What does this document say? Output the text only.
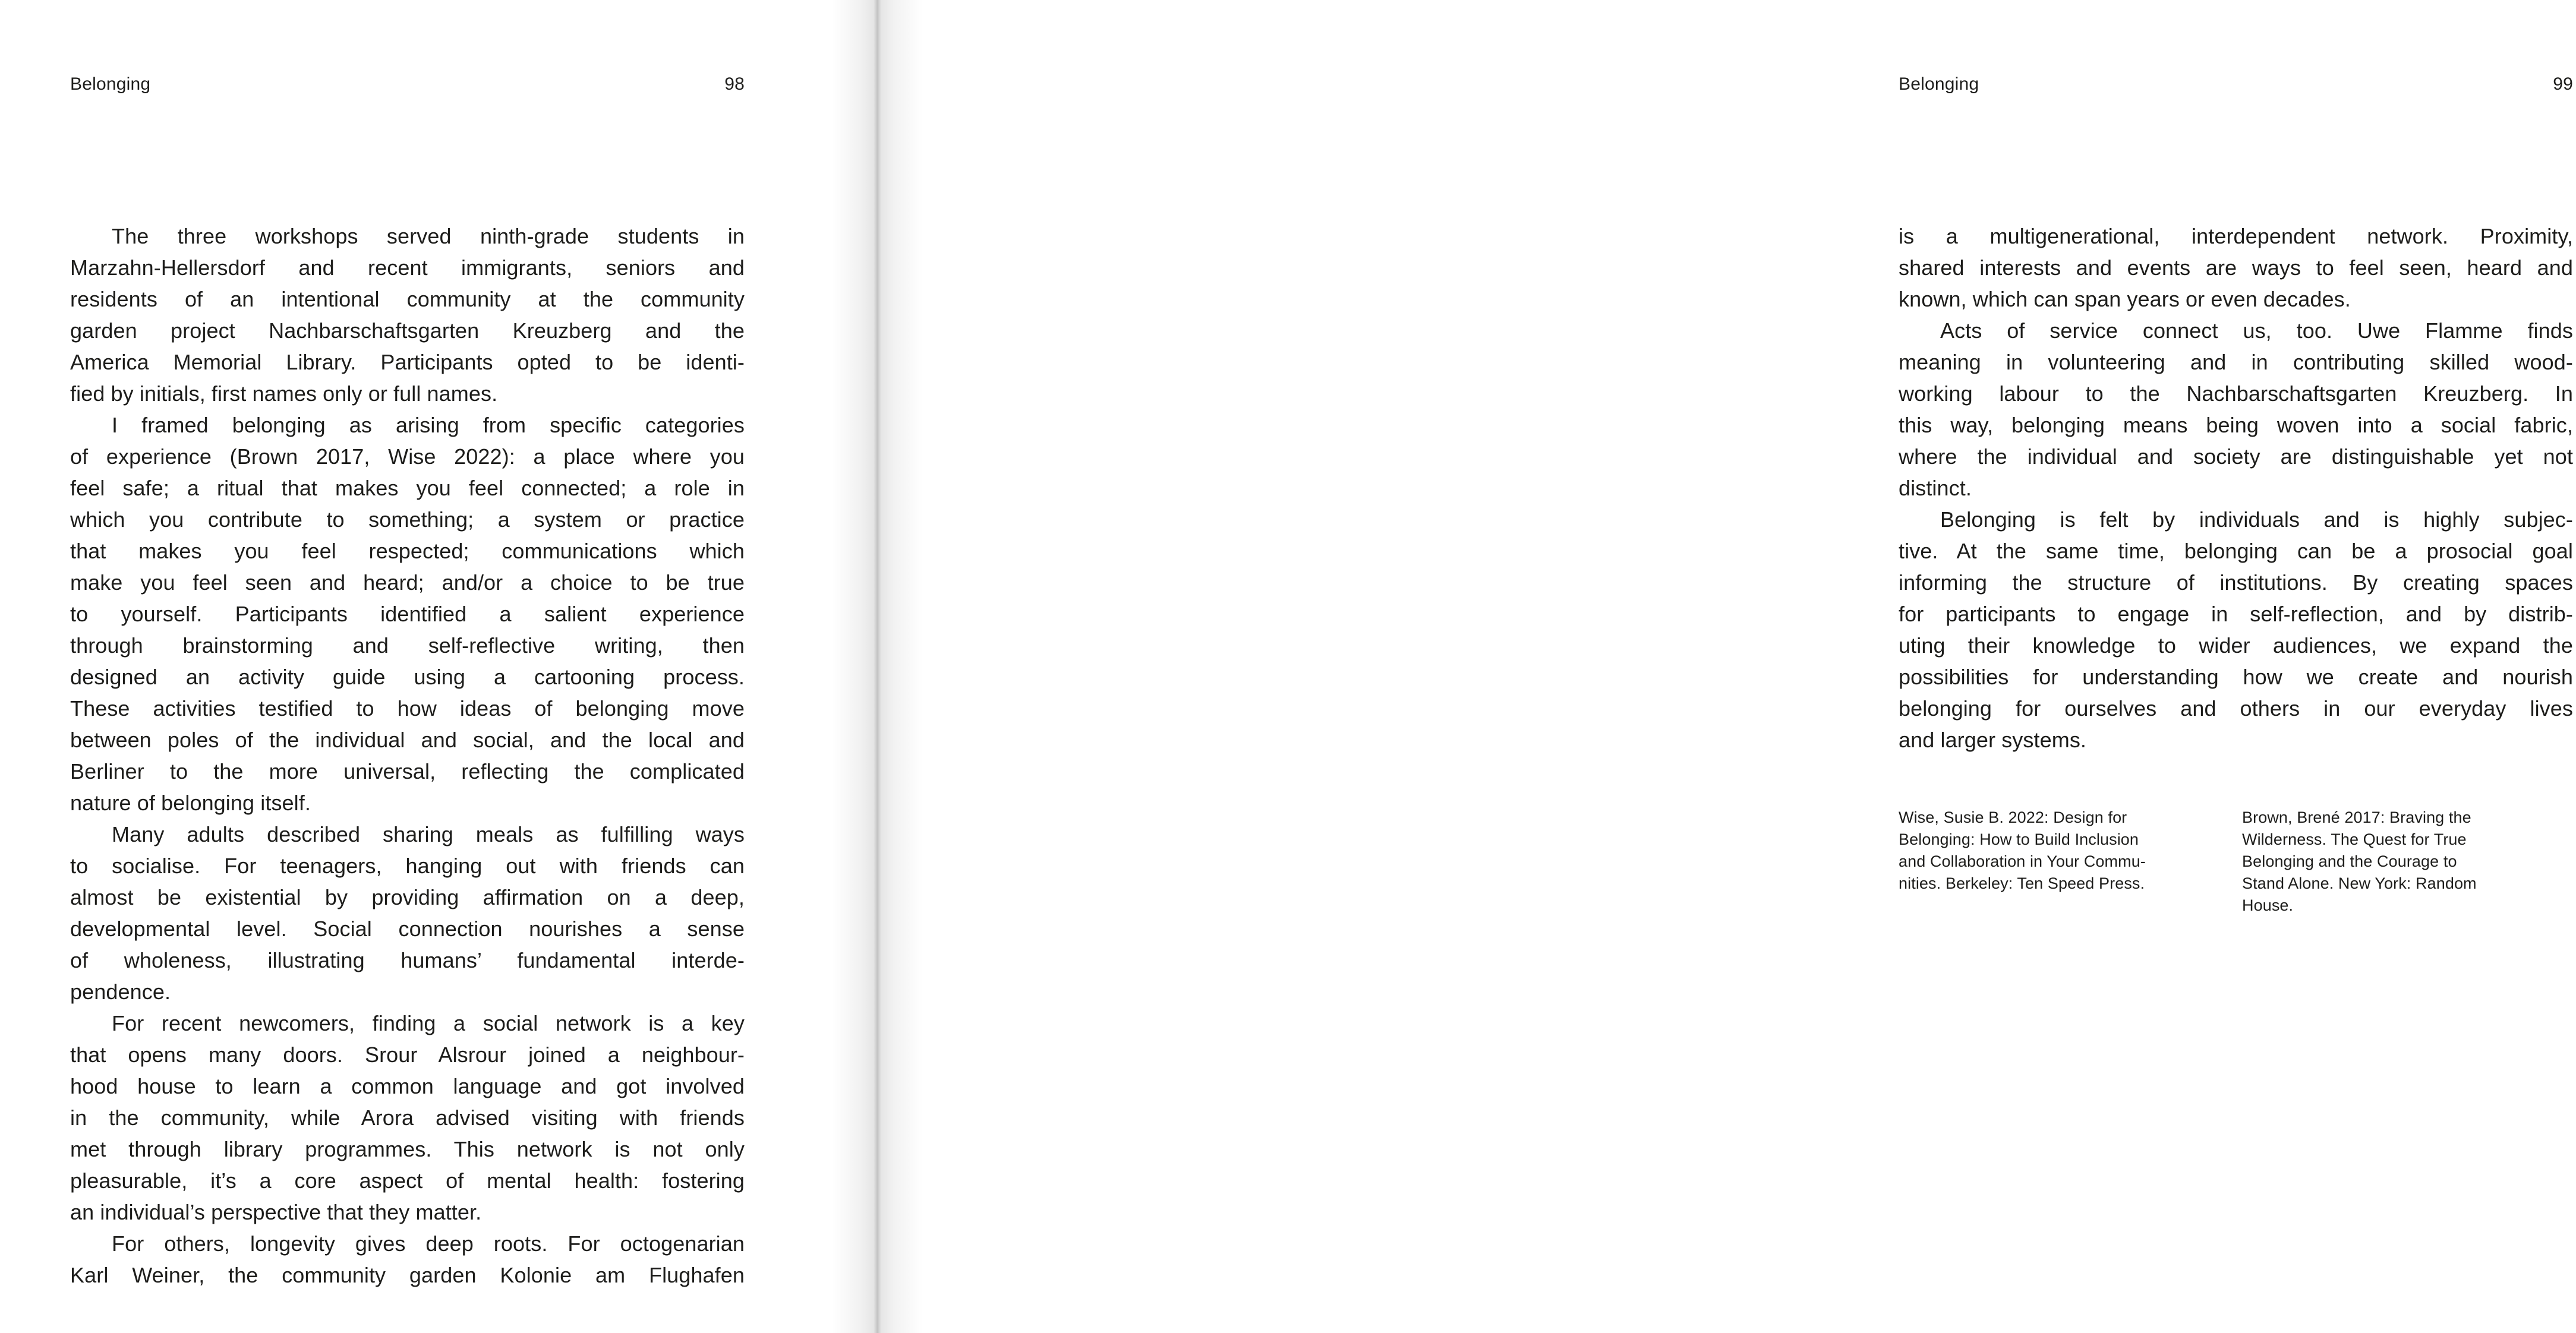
Belonging	98
The three workshops served ninth-grade students in
Marzahn-Hellersdorf and recent immigrants, seniors and
residents of an intentional community at the community
garden project Nachbarschaftsgarten Kreuzberg and the
America Memorial Library. Participants opted to be identi-
fied by initials, first names only or full names.
I framed belonging as arising from specific categories
of experience (Brown 2017, Wise 2022): a place where you
feel safe; a ritual that makes you feel connected; a role in
which you contribute to something; a system or practice
that makes you feel respected; communications which
make you feel seen and heard; and/or a choice to be true
to yourself. Participants identified a salient experience
through brainstorming and self-reflective writing, then
designed an activity guide using a cartooning process.
These activities testified to how ideas of belonging move
between poles of the individual and social, and the local and
Berliner to the more universal, reflecting the complicated
nature of belonging itself.
Many adults described sharing meals as fulfilling ways
to socialise. For teenagers, hanging out with friends can
almost be existential by providing affirmation on a deep,
developmental level. Social connection nourishes a sense
of wholeness, illustrating humans’ fundamental interde-
pendence.
For recent newcomers, finding a social network is a key
that opens many doors. Srour Alsrour joined a neighbour-
hood house to learn a common language and got involved
in the community, while Arora advised visiting with friends
met through library programmes. This network is not only
pleasurable, it’s a core aspect of mental health: fostering
an individual’s perspective that they matter.
For others, longevity gives deep roots. For octogenarian
Karl Weiner, the community garden Kolonie am Flughafen
Belonging	99
is a multigenerational, interdependent network. Proximity,
shared interests and events are ways to feel seen, heard and
known, which can span years or even decades.
Acts of service connect us, too. Uwe Flamme finds
meaning in volunteering and in contributing skilled wood-
working labour to the Nachbarschaftsgarten Kreuzberg. In
this way, belonging means being woven into a social fabric,
where the individual and society are distinguishable yet not
distinct.
Belonging is felt by individuals and is highly subjec-
tive. At the same time, belonging can be a prosocial goal
informing the structure of institutions. By creating spaces
for participants to engage in self-reflection, and by distrib-
uting their knowledge to wider audiences, we expand the
possibilities for understanding how we create and nourish
belonging for ourselves and others in our everyday lives
and larger systems.
Wise, Susie B. 2022: Design for
Belonging: How to Build Inclusion
and Collaboration in Your Commu-
nities. Berkeley: Ten Speed Press.
Brown, Brené 2017: Braving the
Wilderness. The Quest for True
Belonging and the Courage to
Stand Alone. New York: Random
House.
